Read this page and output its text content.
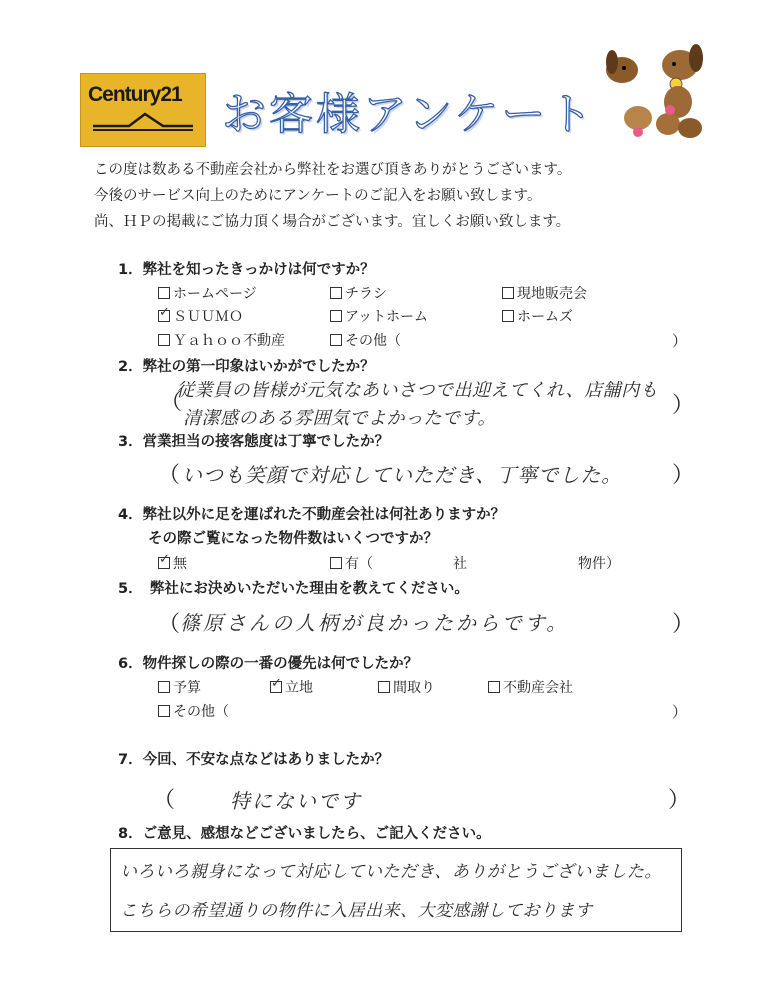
Century21 お客様アンケート
この度は数ある不動産会社から弊社をお選び頂きありがとうございます。
今後のサービス向上のためにアンケートのご記入をお願い致します。
尚、ＨＰの掲載にご協力頂く場合がございます。宜しくお願い致します。
1．弊社を知ったきっかけは何ですか？
ホームページ	チラシ	現地販売会
✓ ＳＵＵＭＯ	アットホーム	ホームズ
Ｙａｈｏｏ不動産	その他（	）
2．弊社の第一印象はいかがでしたか？
（
従業員の皆様が元気なあいさつで出迎えてくれ、店舗内も
清潔感のある雰囲気でよかったです。
）
3．営業担当の接客態度は丁寧でしたか？
（ いつも笑顔で対応していただき、丁寧でした。 ）
4．弊社以外に足を運ばれた不動産会社は何社ありますか？
その際ご覧になった物件数はいくつですか？
✓ 無	有（	社	物件）
5．　弊社にお決めいただいた理由を教えてください。
（ 篠原さんの人柄が良かったからです。	）
6．物件探しの際の一番の優先は何でしたか？
予算	✓ 立地	間取り	不動産会社
その他（	）
7．今回、不安な点などはありましたか？
（	特にないです	）
8．ご意見、感想などございましたら、ご記入ください。
いろいろ親身になって対応していただき、ありがとうございました。
こちらの希望通りの物件に入居出来、大変感謝しております
